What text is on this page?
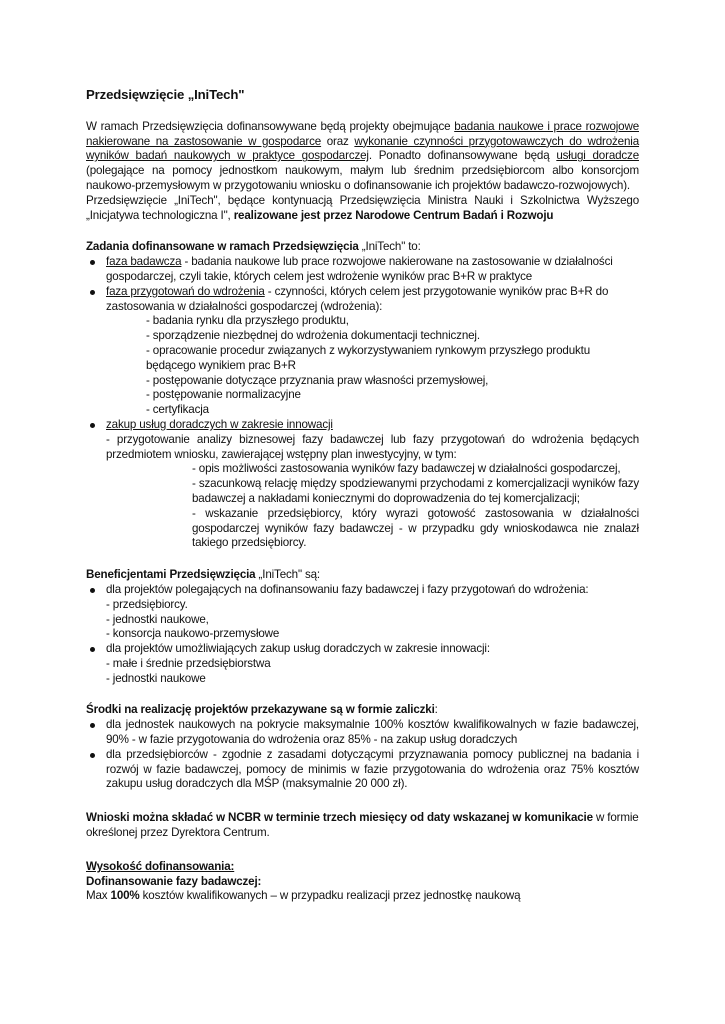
Przedsięwzięcie „IniTech"

W ramach Przedsięwzięcia dofinansowywane będą projekty obejmujące badania naukowe i prace rozwojowe nakierowane na zastosowanie w gospodarce oraz wykonanie czynności przygotowawczych do wdrożenia wyników badań naukowych w praktyce gospodarczej. Ponadto dofinansowywane będą usługi doradcze (polegające na pomocy jednostkom naukowym, małym lub średnim przedsiębiorcom albo konsorcjom naukowo-przemysłowym w przygotowaniu wniosku o dofinansowanie ich projektów badawczo-rozwojowych).

Przedsięwzięcie „IniTech", będące kontynuacją Przedsięwzięcia Ministra Nauki i Szkolnictwa Wyższego „Inicjatywa technologiczna I", realizowane jest przez Narodowe Centrum Badań i Rozwoju

Zadania dofinansowane w ramach Przedsięwzięcia „IniTech" to:

faza badawcza - badania naukowe lub prace rozwojowe nakierowane na zastosowanie w działalności gospodarczej, czyli takie, których celem jest wdrożenie wyników prac B+R w praktyce
faza przygotowań do wdrożenia - czynności, których celem jest przygotowanie wyników prac B+R do zastosowania w działalności gospodarczej (wdrożenia):
- badania rynku dla przyszłego produktu,
- sporządzenie niezbędnej do wdrożenia dokumentacji technicznej.
- opracowanie procedur związanych z wykorzystywaniem rynkowym przyszłego produktu będącego wynikiem prac B+R
- postępowanie dotyczące przyznania praw własności przemysłowej,
- postępowanie normalizacyjne
- certyfikacja
zakup usług doradczych w zakresie innowacji
- przygotowanie analizy biznesowej fazy badawczej lub fazy przygotowań do wdrożenia będących przedmiotem wniosku, zawierającej wstępny plan inwestycyjny, w tym:
- opis możliwości zastosowania wyników fazy badawczej w działalności gospodarczej,
- szacunkową relację między spodziewanymi przychodami z komercjalizacji wyników fazy badawczej a nakładami koniecznymi do doprowadzenia do tej komercjalizacji;
- wskazanie przedsiębiorcy, który wyrazi gotowość zastosowania w działalności gospodarczej wyników fazy badawczej - w przypadku gdy wnioskodawca nie znalazł takiego przedsiębiorcy.

Beneficjentami Przedsięwzięcia „IniTech" są:

dla projektów polegających na dofinansowaniu fazy badawczej i fazy przygotowań do wdrożenia:
- przedsiębiorcy.
- jednostki naukowe,
- konsorcja naukowo-przemysłowe
dla projektów umożliwiających zakup usług doradczych w zakresie innowacji:
- małe i średnie przedsiębiorstwa
- jednostki naukowe

Środki na realizację projektów przekazywane są w formie zaliczki:

dla jednostek naukowych na pokrycie maksymalnie 100% kosztów kwalifikowalnych w fazie badawczej, 90% - w fazie przygotowania do wdrożenia oraz 85% - na zakup usług doradczych
dla przedsiębiorców - zgodnie z zasadami dotyczącymi przyznawania pomocy publicznej na badania i rozwój w fazie badawczej, pomocy de minimis w fazie przygotowania do wdrożenia oraz 75% kosztów zakupu usług doradczych dla MŚP (maksymalnie 20 000 zł).

Wnioski można składać w NCBR w terminie trzech miesięcy od daty wskazanej w komunikacie w formie określonej przez Dyrektora Centrum.

Wysokość dofinansowania:

Dofinansowanie fazy badawczej:

Max 100% kosztów kwalifikowanych – w przypadku realizacji przez jednostkę naukową
